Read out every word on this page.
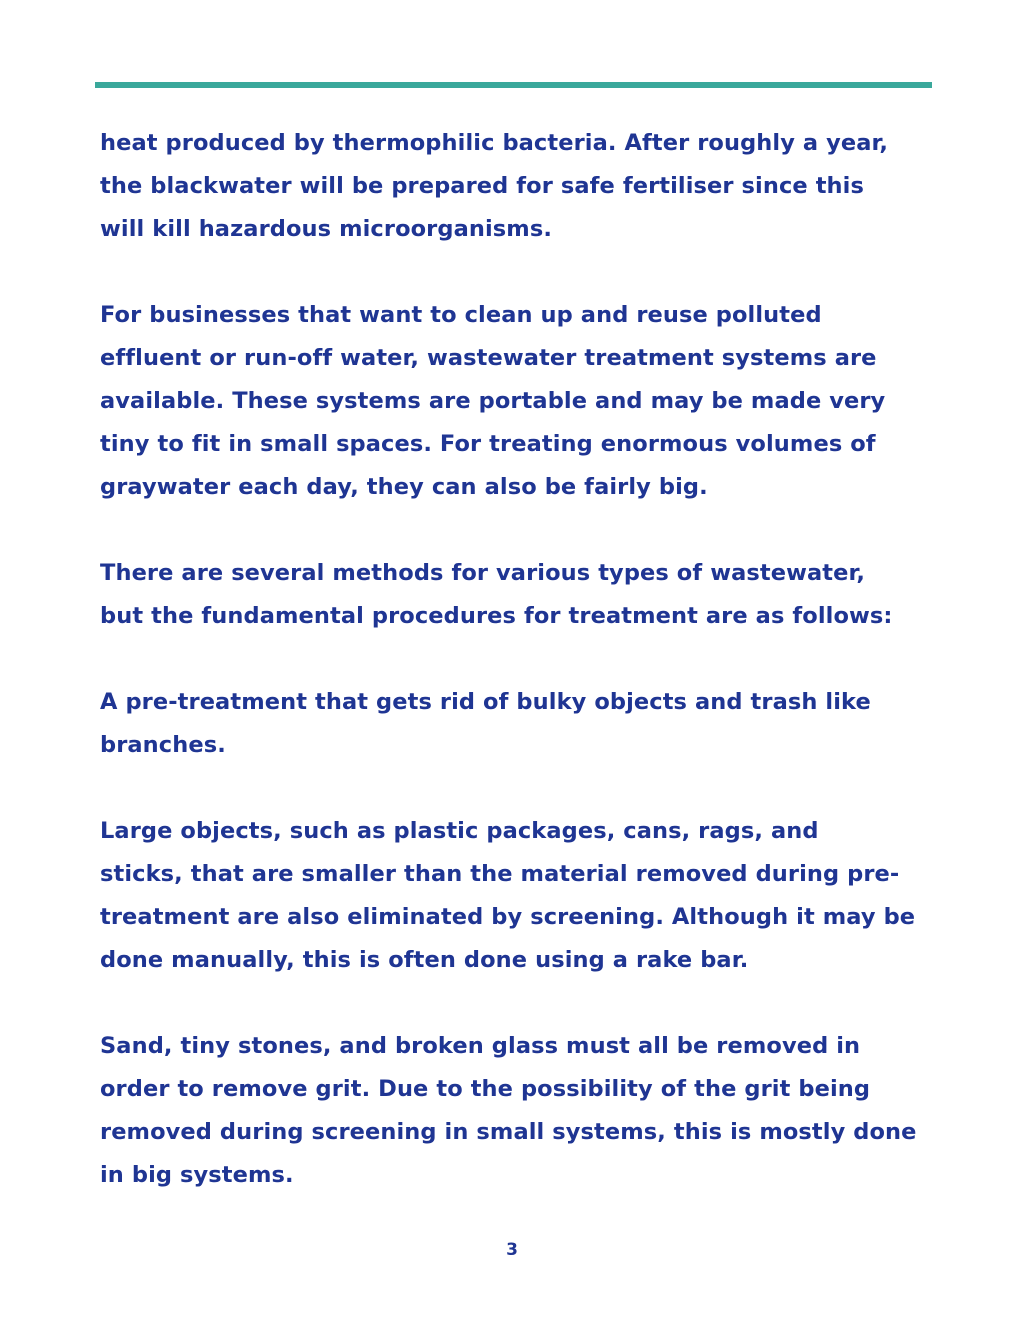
heat produced by thermophilic bacteria. After roughly a year,
the blackwater will be prepared for safe fertiliser since this
will kill hazardous microorganisms.
For businesses that want to clean up and reuse polluted
effluent or run-off water, wastewater treatment systems are
available. These systems are portable and may be made very
tiny to fit in small spaces. For treating enormous volumes of
graywater each day, they can also be fairly big.
There are several methods for various types of wastewater,
but the fundamental procedures for treatment are as follows:
A pre-treatment that gets rid of bulky objects and trash like
branches.
Large objects, such as plastic packages, cans, rags, and
sticks, that are smaller than the material removed during pre-
treatment are also eliminated by screening. Although it may be
done manually, this is often done using a rake bar.
Sand, tiny stones, and broken glass must all be removed in
order to remove grit. Due to the possibility of the grit being
removed during screening in small systems, this is mostly done
in big systems.
3
